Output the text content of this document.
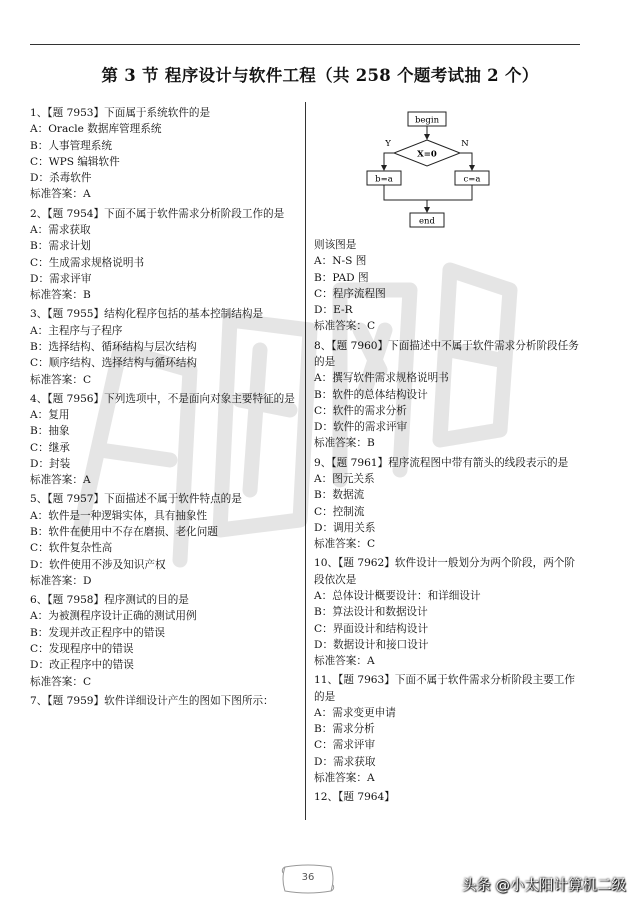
第 3 节 程序设计与软件工程（共 258 个题考试抽 2 个）
1、【题 7953】下面属于系统软件的是
A：Oracle 数据库管理系统
B：人事管理系统
C：WPS 编辑软件
D：杀毒软件
标准答案：A
2、【题 7954】下面不属于软件需求分析阶段工作的是
A：需求获取
B：需求计划
C：生成需求规格说明书
D：需求评审
标准答案：B
3、【题 7955】结构化程序包括的基本控制结构是
A：主程序与子程序
B：选择结构、循环结构与层次结构
C：顺序结构、选择结构与循环结构
标准答案：C
4、【题 7956】下列选项中，不是面向对象主要特征的是
A：复用
B：抽象
C：继承
D：封装
标准答案：A
5、【题 7957】下面描述不属于软件特点的是
A：软件是一种逻辑实体，具有抽象性
B：软件在使用中不存在磨损、老化问题
C：软件复杂性高
D：软件使用不涉及知识产权
标准答案：D
6、【题 7958】程序测试的目的是
A：为被测程序设计正确的测试用例
B：发现并改正程序中的错误
C：发现程序中的错误
D：改正程序中的错误
标准答案：C
7、【题 7959】软件详细设计产生的图如下图所示：
begin
X=0
Y	N
b=a	c=a
end
则该图是
A：N-S 图
B：PAD 图
C：程序流程图
D：E-R
标准答案：C
8、【题 7960】下面描述中不属于软件需求分析阶段任务的是
A：撰写软件需求规格说明书
B：软件的总体结构设计
C：软件的需求分析
D：软件的需求评审
标准答案：B
9、【题 7961】程序流程图中带有箭头的线段表示的是
A：图元关系
B：数据流
C：控制流
D：调用关系
标准答案：C
10、【题 7962】软件设计一般划分为两个阶段，两个阶段依次是
A：总体设计概要设计：和详细设计
B：算法设计和数据设计
C：界面设计和结构设计
D：数据设计和接口设计
标准答案：A
11、【题 7963】下面不属于软件需求分析阶段主要工作的是
A：需求变更申请
B：需求分析
C：需求评审
D：需求获取
标准答案：A
12、【题 7964】
36
头条 @小太阳计算机二级
